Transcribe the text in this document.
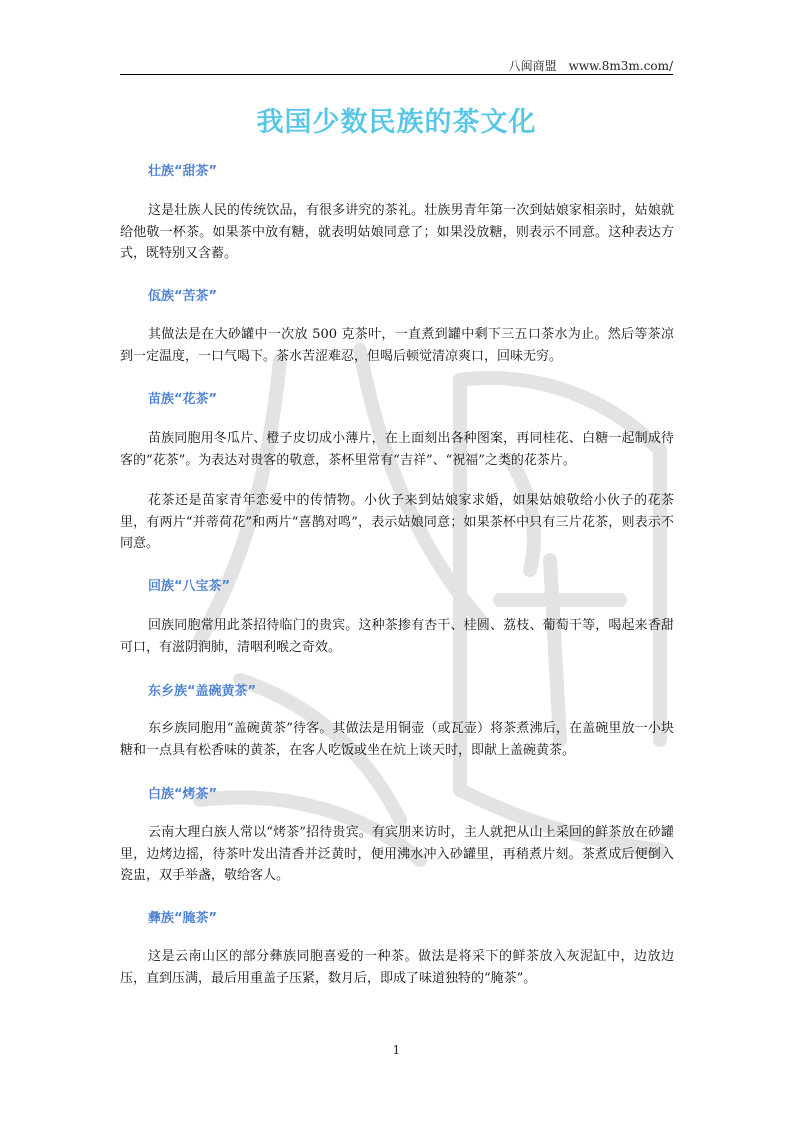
八闽商盟　www.8m3m.com/
我国少数民族的茶文化
壮族“甜茶”
这是壮族人民的传统饮品，有很多讲究的茶礼。壮族男青年第一次到姑娘家相亲时，姑娘就给他敬一杯茶。如果茶中放有糖，就表明姑娘同意了；如果没放糖，则表示不同意。这种表达方式，既特别又含蓄。
佤族“苦茶”
其做法是在大砂罐中一次放 500 克茶叶，一直煮到罐中剩下三五口茶水为止。然后等茶凉到一定温度，一口气喝下。茶水苦涩难忍，但喝后顿觉清凉爽口，回味无穷。
苗族“花茶”
苗族同胞用冬瓜片、橙子皮切成小薄片，在上面刻出各种图案，再同桂花、白糖一起制成待客的“花茶”。为表达对贵客的敬意，茶杯里常有“吉祥”、“祝福”之类的花茶片。
花茶还是苗家青年恋爱中的传情物。小伙子来到姑娘家求婚，如果姑娘敬给小伙子的花茶里，有两片“并蒂荷花”和两片“喜鹊对鸣”，表示姑娘同意；如果茶杯中只有三片花茶，则表示不同意。
回族“八宝茶”
回族同胞常用此茶招待临门的贵宾。这种茶掺有杏干、桂圆、荔枝、葡萄干等，喝起来香甜可口，有滋阴润肺，清咽利喉之奇效。
东乡族“盖碗黄茶”
东乡族同胞用“盖碗黄茶”待客。其做法是用铜壶（或瓦壶）将茶煮沸后，在盖碗里放一小块糖和一点具有松香味的黄茶，在客人吃饭或坐在炕上谈天时，即献上盖碗黄茶。
白族“烤茶”
云南大理白族人常以“烤茶”招待贵宾。有宾朋来访时，主人就把从山上采回的鲜茶放在砂罐里，边烤边摇，待茶叶发出清香并泛黄时，便用沸水冲入砂罐里，再稍煮片刻。茶煮成后便倒入瓷盅，双手举盏，敬给客人。
彝族“腌茶”
这是云南山区的部分彝族同胞喜爱的一种茶。做法是将采下的鲜茶放入灰泥缸中，边放边压，直到压满，最后用重盖子压紧，数月后，即成了味道独特的“腌茶”。
1
